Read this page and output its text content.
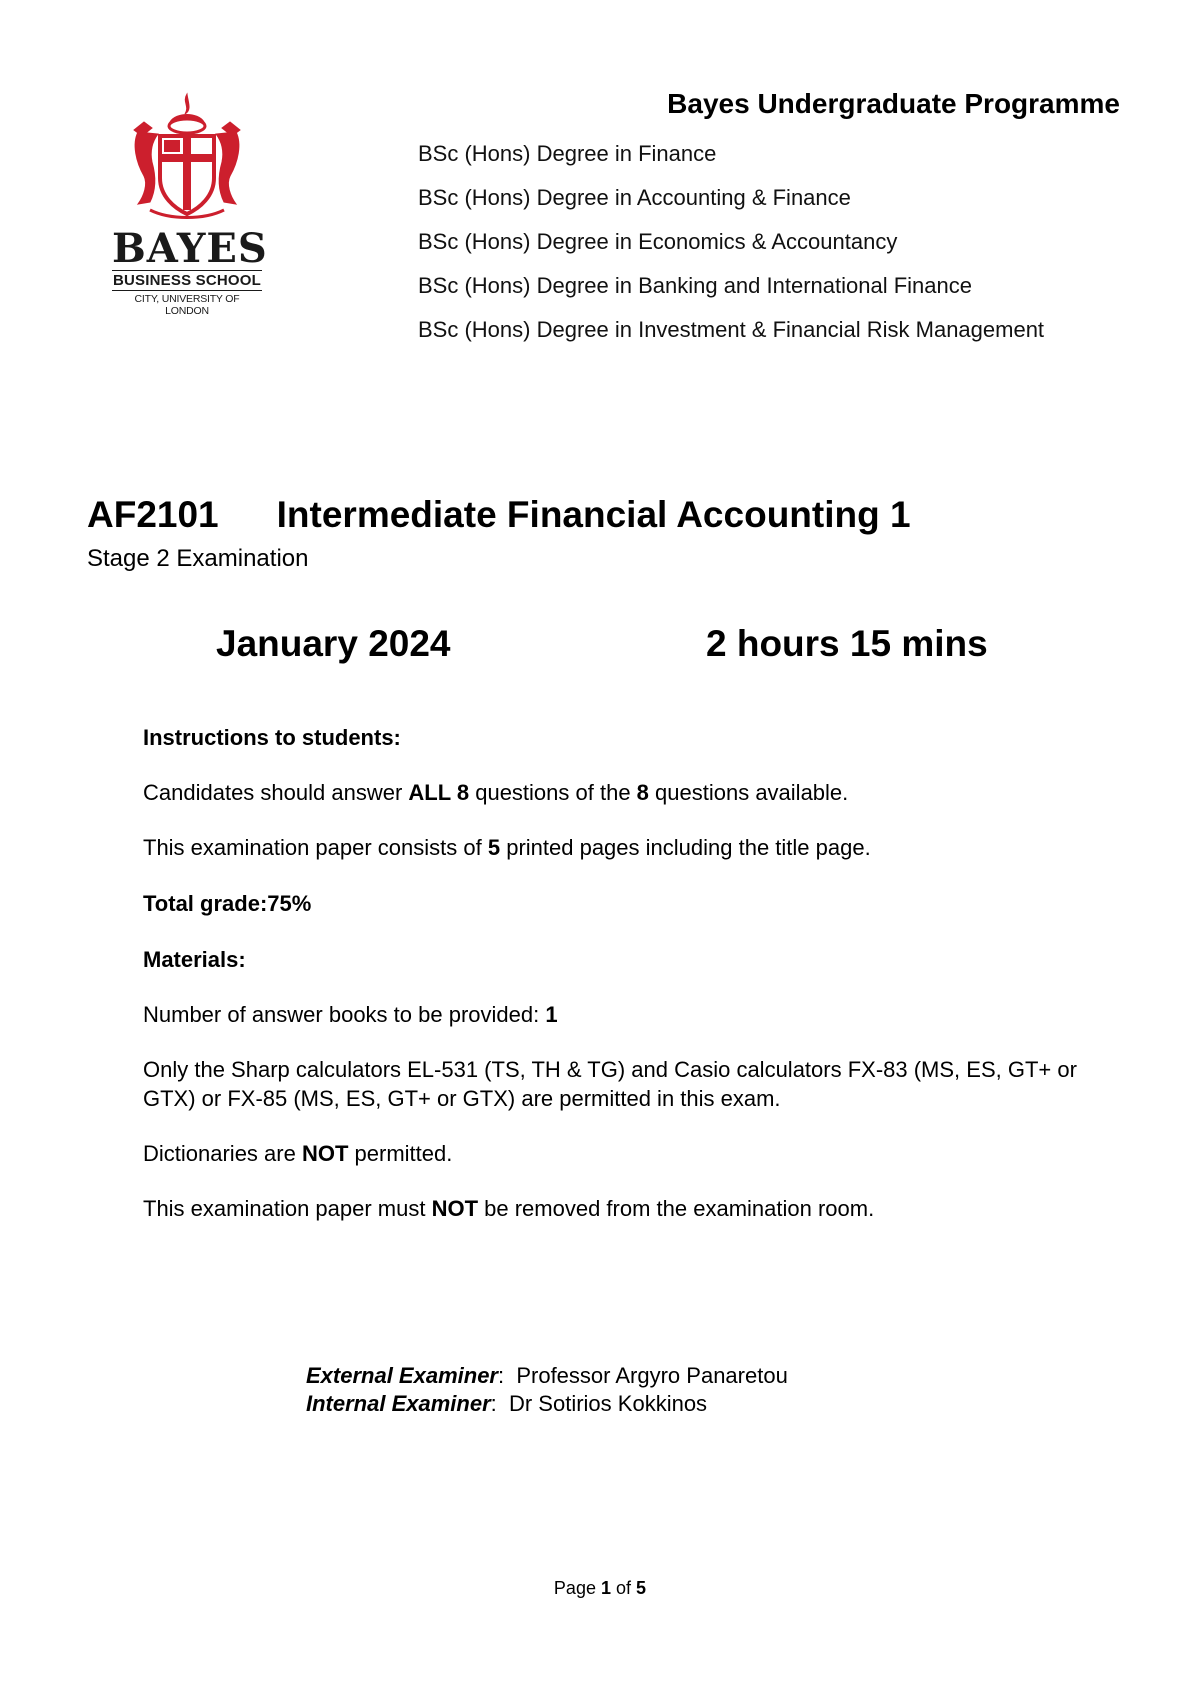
BAYES
BUSINESS SCHOOL
CITY, UNIVERSITY OF LONDON
Bayes Undergraduate Programme
BSc (Hons) Degree in Finance
BSc (Hons) Degree in Accounting & Finance
BSc (Hons) Degree in Economics & Accountancy
BSc (Hons) Degree in Banking and International Finance
BSc (Hons) Degree in Investment & Financial Risk Management
AF2101 Intermediate Financial Accounting 1
Stage 2 Examination
January 2024	2 hours 15 mins

Instructions to students:

Candidates should answer ALL 8 questions of the 8 questions available.

This examination paper consists of 5 printed pages including the title page.

Total grade:75%

Materials:

Number of answer books to be provided: 1

Only the Sharp calculators EL-531 (TS, TH & TG) and Casio calculators FX-83 (MS, ES, GT+ or GTX) or FX-85 (MS, ES, GT+ or GTX) are permitted in this exam.

Dictionaries are NOT permitted.

This examination paper must NOT be removed from the examination room.

External Examiner:  Professor Argyro Panaretou
Internal Examiner:  Dr Sotirios Kokkinos
Page 1 of 5
